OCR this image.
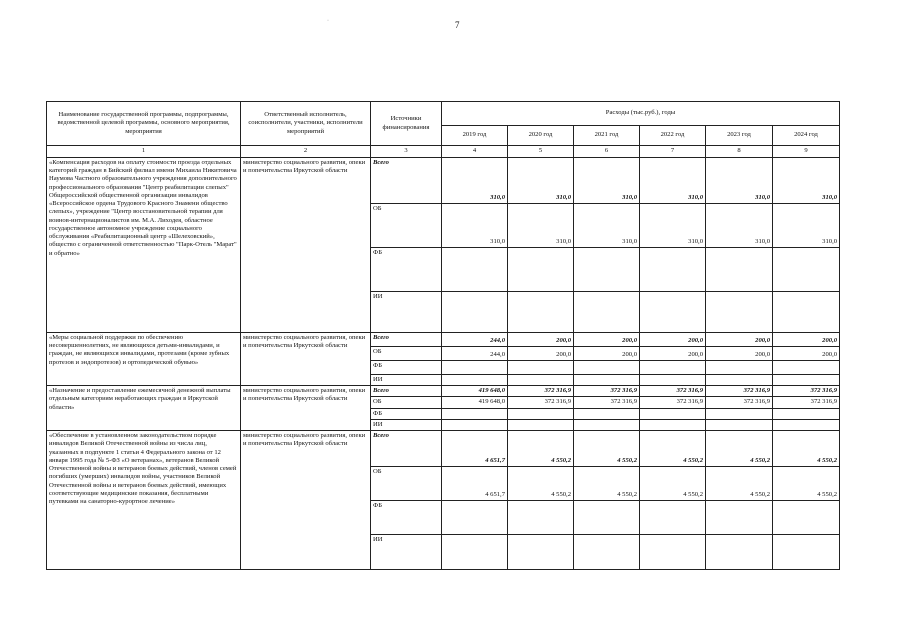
7
·
Наименование государственной программы, подпрограммы, ведомственной целевой программы, основного мероприятия, мероприятия	Ответственный исполнитель, соисполнители, участники, исполнители мероприятий	Источники финансирования	Расходы (тыс.руб.), годы					
			2019 год	2020 год	2021 год	2022 год	2023 год	2024 год
1	2	3	4	5	6	7	8	9
«Компенсация расходов на оплату стоимости проезда отдельных категорий граждан в Бийский филиал имени Михаила Никитовича Наумова Частного образовательного учреждения дополнительного профессионального образования "Центр реабилитации слепых" Общероссийской общественной организации инвалидов «Всероссийское ордена Трудового Красного Знамени общество слепых», учреждение "Центр восстановительной терапии для воинов-интернационалистов им. М.А. Лиходея, областное государственное автономное учреждение социального обслуживания «Реабилитационный центр «Шелеховский», общество с ограниченной ответственностью "Парк-Отель "Марат" и обратно»	министерство социального развития, опеки и попечительства Иркутской области	Всего	310,0	310,0	310,0	310,0	310,0	310,0
		ОБ	310,0	310,0	310,0	310,0	310,0	310,0
		ФБ						
		ИИ						
«Меры социальной поддержки по обеспечению несовершеннолетних, не являющихся детьми-инвалидами, и граждан, не являющихся инвалидами, протезами (кроме зубных протезов и эндопротезов) и ортопедической обувью»	министерство социального развития, опеки и попечительства Иркутской области	Всего	244,0	200,0	200,0	200,0	200,0	200,0
		ОБ	244,0	200,0	200,0	200,0	200,0	200,0
		ФБ						
		ИИ						
«Назначение и предоставление ежемесячной денежной выплаты отдельным категориям неработающих граждан в Иркутской области»	министерство социального развития, опеки и попечительства Иркутской области	Всего	419 648,0	372 316,9	372 316,9	372 316,9	372 316,9	372 316,9
		ОБ	419 648,0	372 316,9	372 316,9	372 316,9	372 316,9	372 316,9
		ФБ						
		ИИ						
«Обеспечение в установленном законодательством порядке инвалидов Великой Отечественной войны из числа лиц, указанных в подпункте 1 статьи 4 Федерального закона от 12 января 1995 года № 5-ФЗ «О ветеранах», ветеранов Великой Отечественной войны и ветеранов боевых действий, членов семей погибших (умерших) инвалидов войны, участников Великой Отечественной войны и ветеранов боевых действий, имеющих соответствующие медицинские показания, бесплатными путевками на санаторно-курортное лечение»	министерство социального развития, опеки и попечительства Иркутской области	Всего	4 651,7	4 550,2	4 550,2	4 550,2	4 550,2	4 550,2
		ОБ	4 651,7	4 550,2	4 550,2	4 550,2	4 550,2	4 550,2
		ФБ						
		ИИ						
